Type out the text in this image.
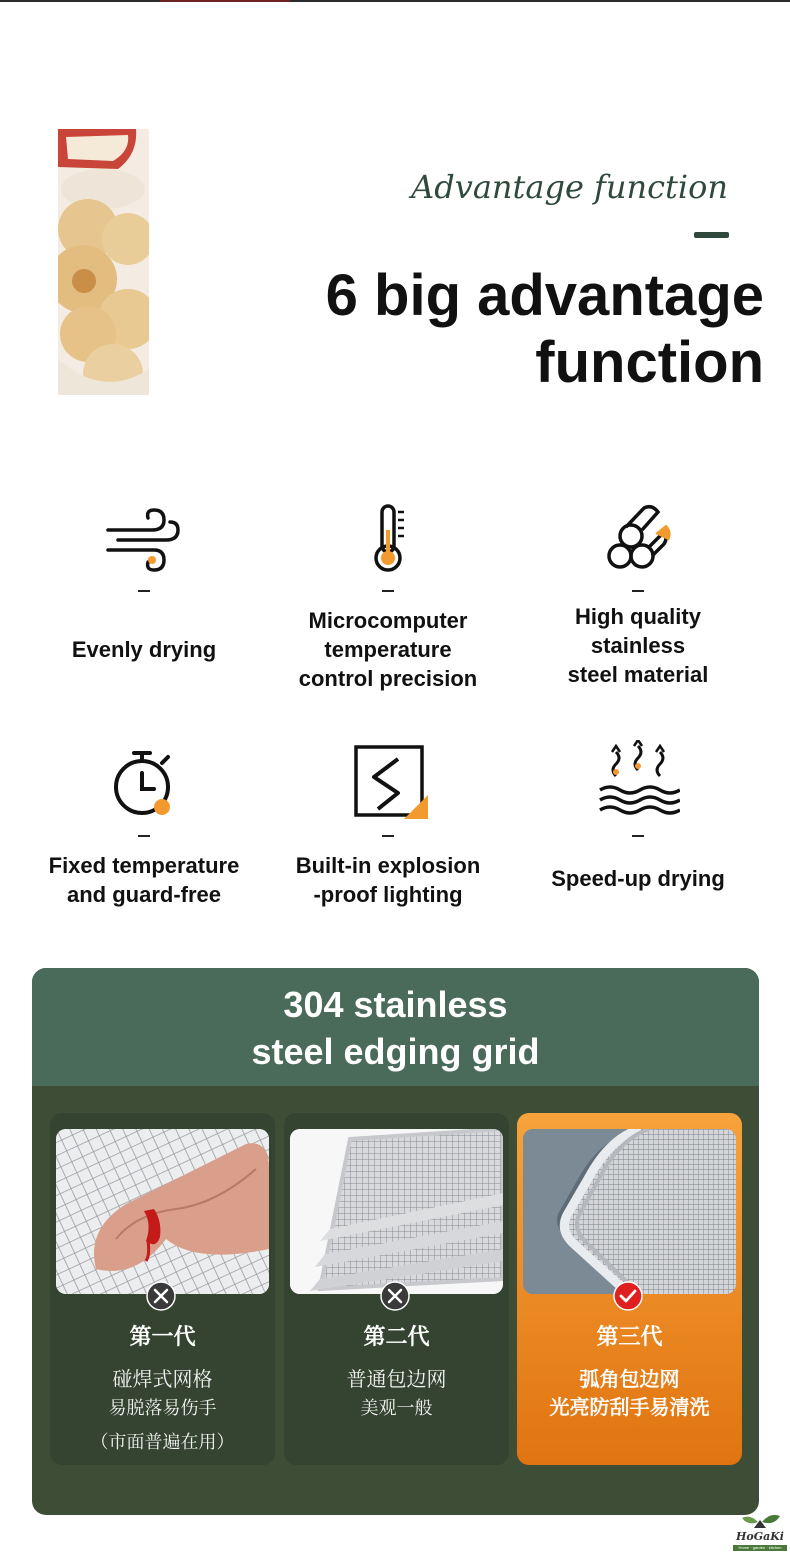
Advantage function
6 big advantage
function
Evenly drying
Microcomputer
temperature
control precision
High quality
stainless
steel material
Fixed temperature
and guard-free
Built-in explosion
-proof lighting
Speed-up drying
304 stainless
steel edging grid
第一代
碰焊式网格
易脱落易伤手
（市面普遍在用）
第二代
普通包边网
美观一般
第三代
弧角包边网
光亮防刮手易清洗
HoGaKi
Home · garden · kitchen
